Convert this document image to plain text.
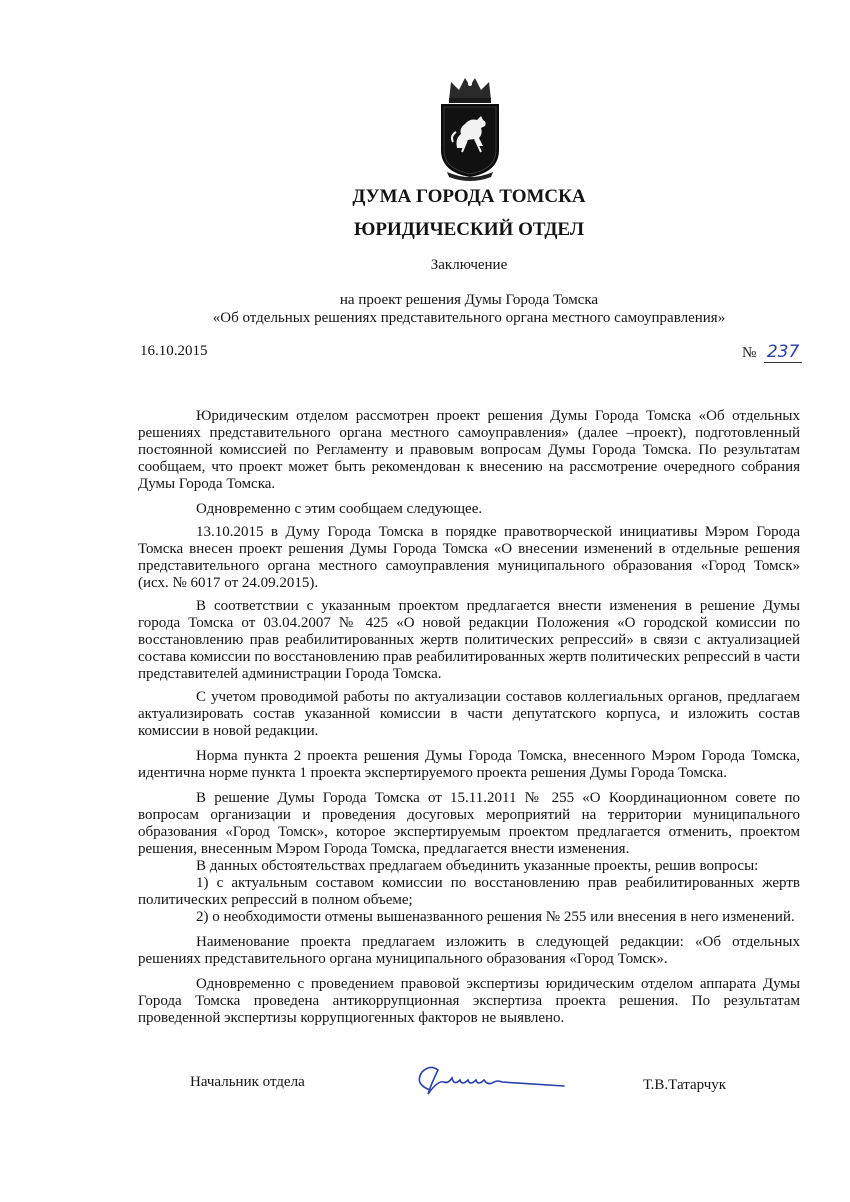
ДУМА ГОРОДА ТОМСКА
ЮРИДИЧЕСКИЙ ОТДЕЛ
Заключение
на проект решения Думы Города Томска
«Об отдельных решениях представительного органа местного самоуправления»
16.10.2015	№ 237

Юридическим отделом рассмотрен проект решения Думы Города Томска «Об отдельных решениях представительного органа местного самоуправления» (далее –проект), подготовленный постоянной комиссией по Регламенту и правовым вопросам Думы Города Томска. По результатам сообщаем, что проект может быть рекомендован к внесению на рассмотрение очередного собрания Думы Города Томска.

Одновременно с этим сообщаем следующее.

13.10.2015 в Думу Города Томска в порядке правотворческой инициативы Мэром Города Томска внесен проект решения Думы Города Томска «О внесении изменений в отдельные решения представительного органа местного самоуправления муниципального образования «Город Томск» (исх. № 6017 от 24.09.2015).

В соответствии с указанным проектом предлагается внести изменения в решение Думы города Томска от 03.04.2007 № 425 «О новой редакции Положения «О городской комиссии по восстановлению прав реабилитированных жертв политических репрессий» в связи с актуализацией состава комиссии по восстановлению прав реабилитированных жертв политических репрессий в части представителей администрации Города Томска.

С учетом проводимой работы по актуализации составов коллегиальных органов, предлагаем актуализировать состав указанной комиссии в части депутатского корпуса, и изложить состав комиссии в новой редакции.

Норма пункта 2 проекта решения Думы Города Томска, внесенного Мэром Города Томска, идентична норме пункта 1 проекта экспертируемого проекта решения Думы Города Томска.

В решение Думы Города Томска от 15.11.2011 № 255 «О Координационном совете по вопросам организации и проведения досуговых мероприятий на территории муниципального образования «Город Томск», которое экспертируемым проектом предлагается отменить, проектом решения, внесенным Мэром Города Томска, предлагается внести изменения.

В данных обстоятельствах предлагаем объединить указанные проекты, решив вопросы:

1) с актуальным составом комиссии по восстановлению прав реабилитированных жертв политических репрессий в полном объеме;

2) о необходимости отмены вышеназванного решения № 255 или внесения в него изменений.

Наименование проекта предлагаем изложить в следующей редакции: «Об отдельных решениях представительного органа муниципального образования «Город Томск».

Одновременно с проведением правовой экспертизы юридическим отделом аппарата Думы Города Томска проведена антикоррупционная экспертиза проекта решения. По результатам проведенной экспертизы коррупциогенных факторов не выявлено.

Начальник отдела	Т.В.Татарчук
